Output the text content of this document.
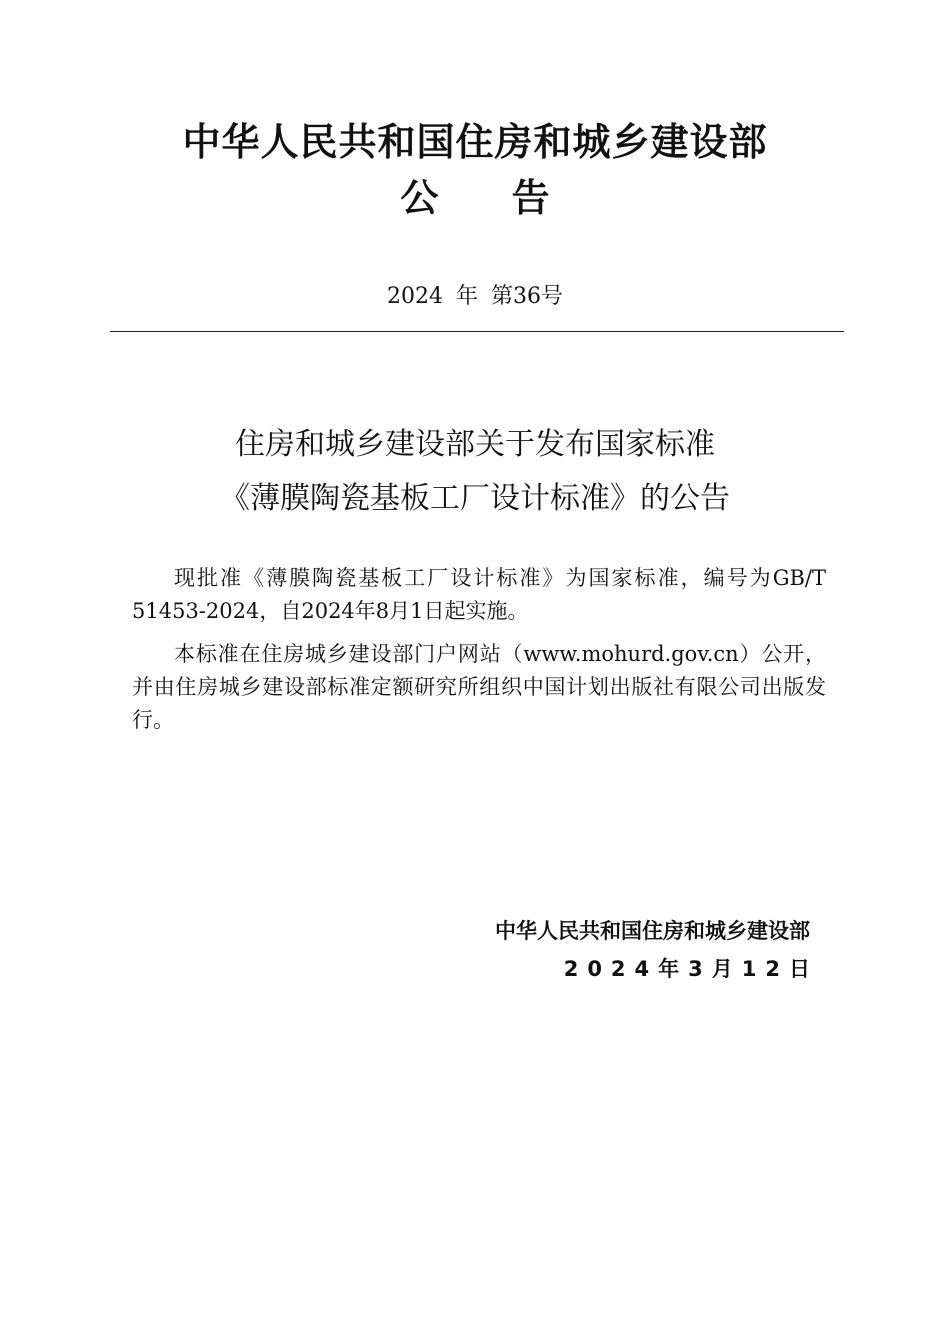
中华人民共和国住房和城乡建设部
公 告
2024 年 第36号
住房和城乡建设部关于发布国家标准
《薄膜陶瓷基板工厂设计标准》的公告

现批准《薄膜陶瓷基板工厂设计标准》为国家标准，编号为GB/T 51453-2024，自2024年8月1日起实施。

本标准在住房城乡建设部门户网站（www.mohurd.gov.cn）公开，并由住房城乡建设部标准定额研究所组织中国计划出版社有限公司出版发行。

中华人民共和国住房和城乡建设部
2024年3月12日
